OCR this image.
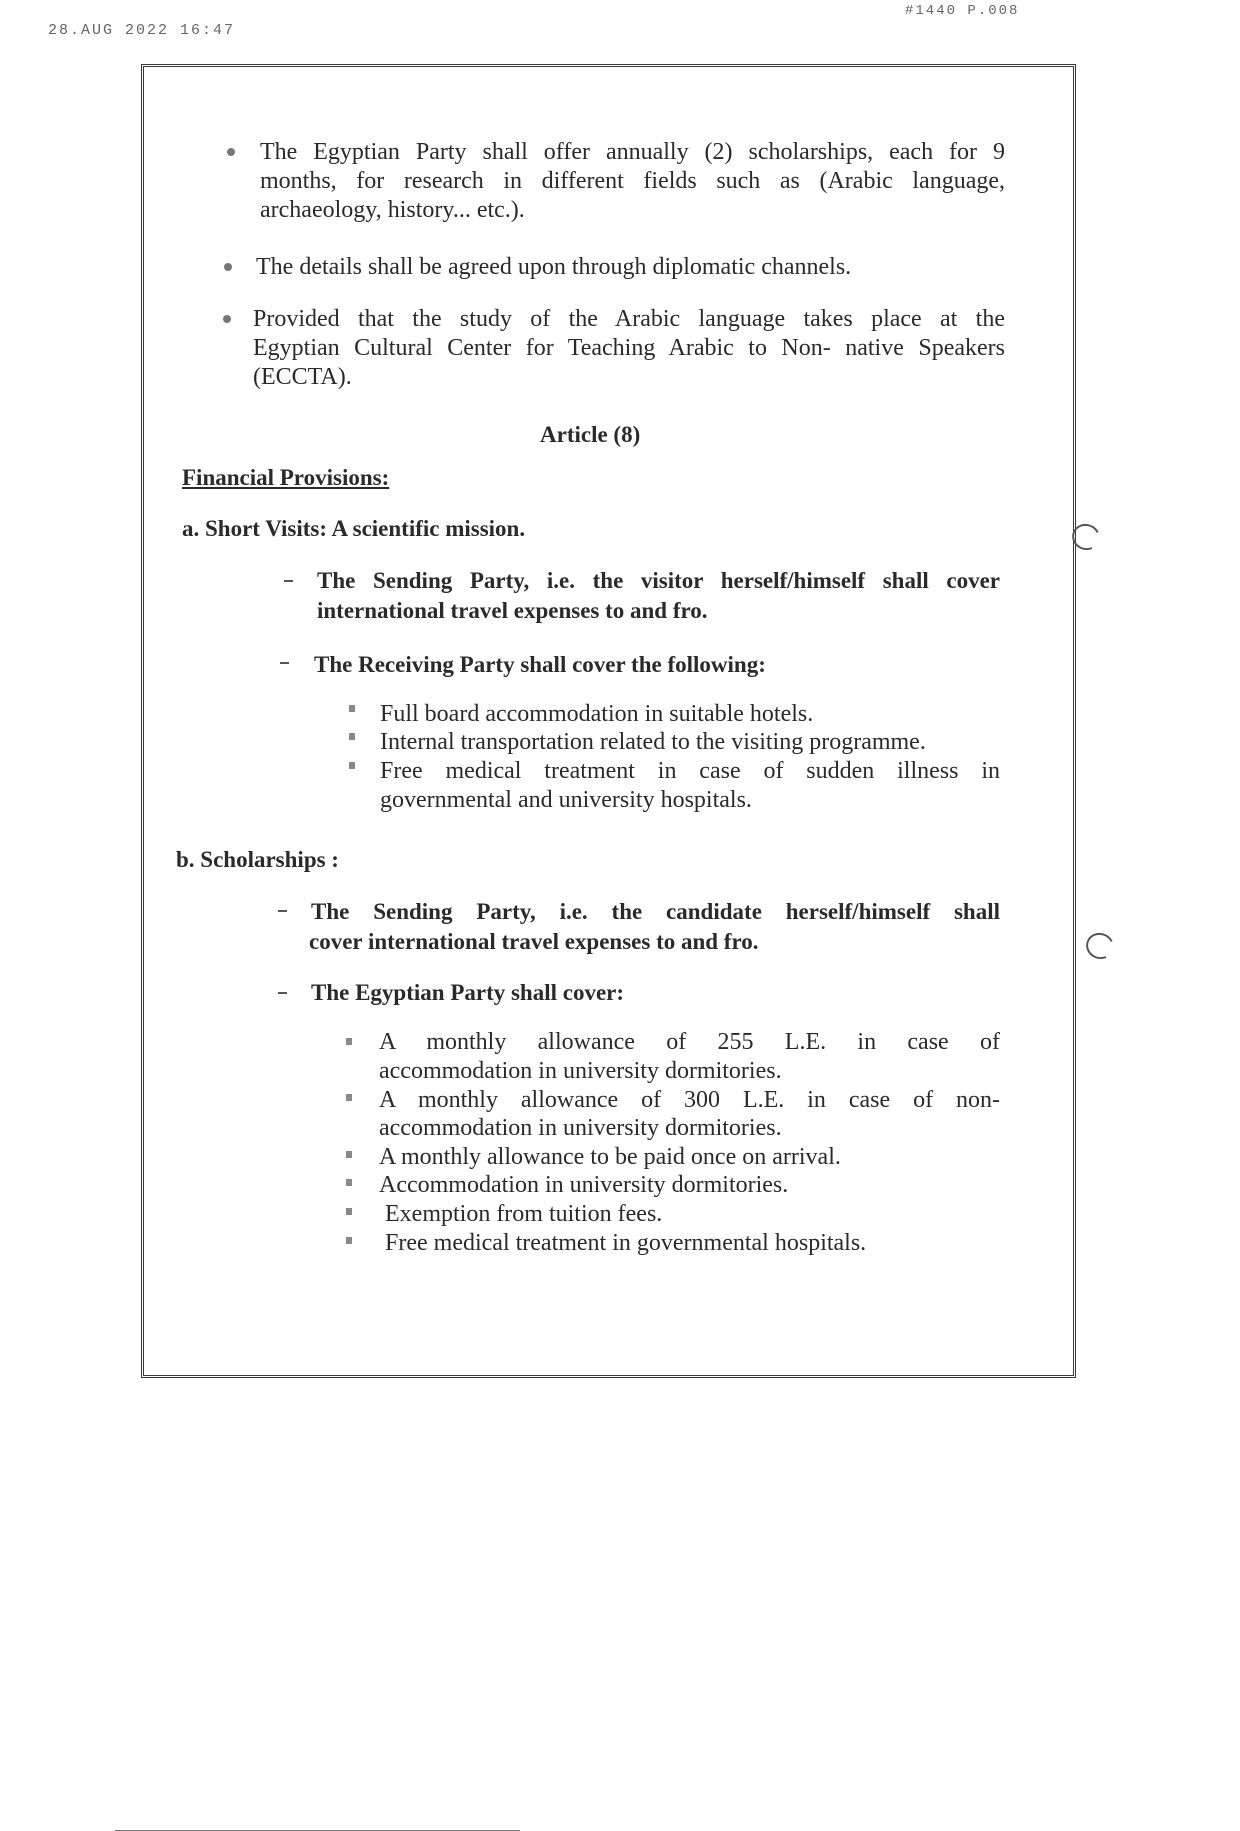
28.AUG 2022 16:47
#1440 P.008
The Egyptian Party shall offer annually (2) scholarships, each for 9
months, for research in different fields such as (Arabic language,
archaeology, history... etc.).
The details shall be agreed upon through diplomatic channels.
Provided that the study of the Arabic language takes place at the
Egyptian Cultural Center for Teaching Arabic to Non- native Speakers
(ECCTA).
Article (8)
Financial Provisions:
a. Short Visits: A scientific mission.
The Sending Party, i.e. the visitor herself/himself shall cover
international travel expenses to and fro.
The Receiving Party shall cover the following:
Full board accommodation in suitable hotels.
Internal transportation related to the visiting programme.
Free medical treatment in case of sudden illness in
governmental and university hospitals.
b. Scholarships :
The Sending Party, i.e. the candidate herself/himself shall
cover international travel expenses to and fro.
The Egyptian Party shall cover:
A monthly allowance of 255 L.E. in case of
accommodation in university dormitories.
A monthly allowance of 300 L.E. in case of non-
accommodation in university dormitories.
A monthly allowance to be paid once on arrival.
Accommodation in university dormitories.
Exemption from tuition fees.
Free medical treatment in governmental hospitals.
